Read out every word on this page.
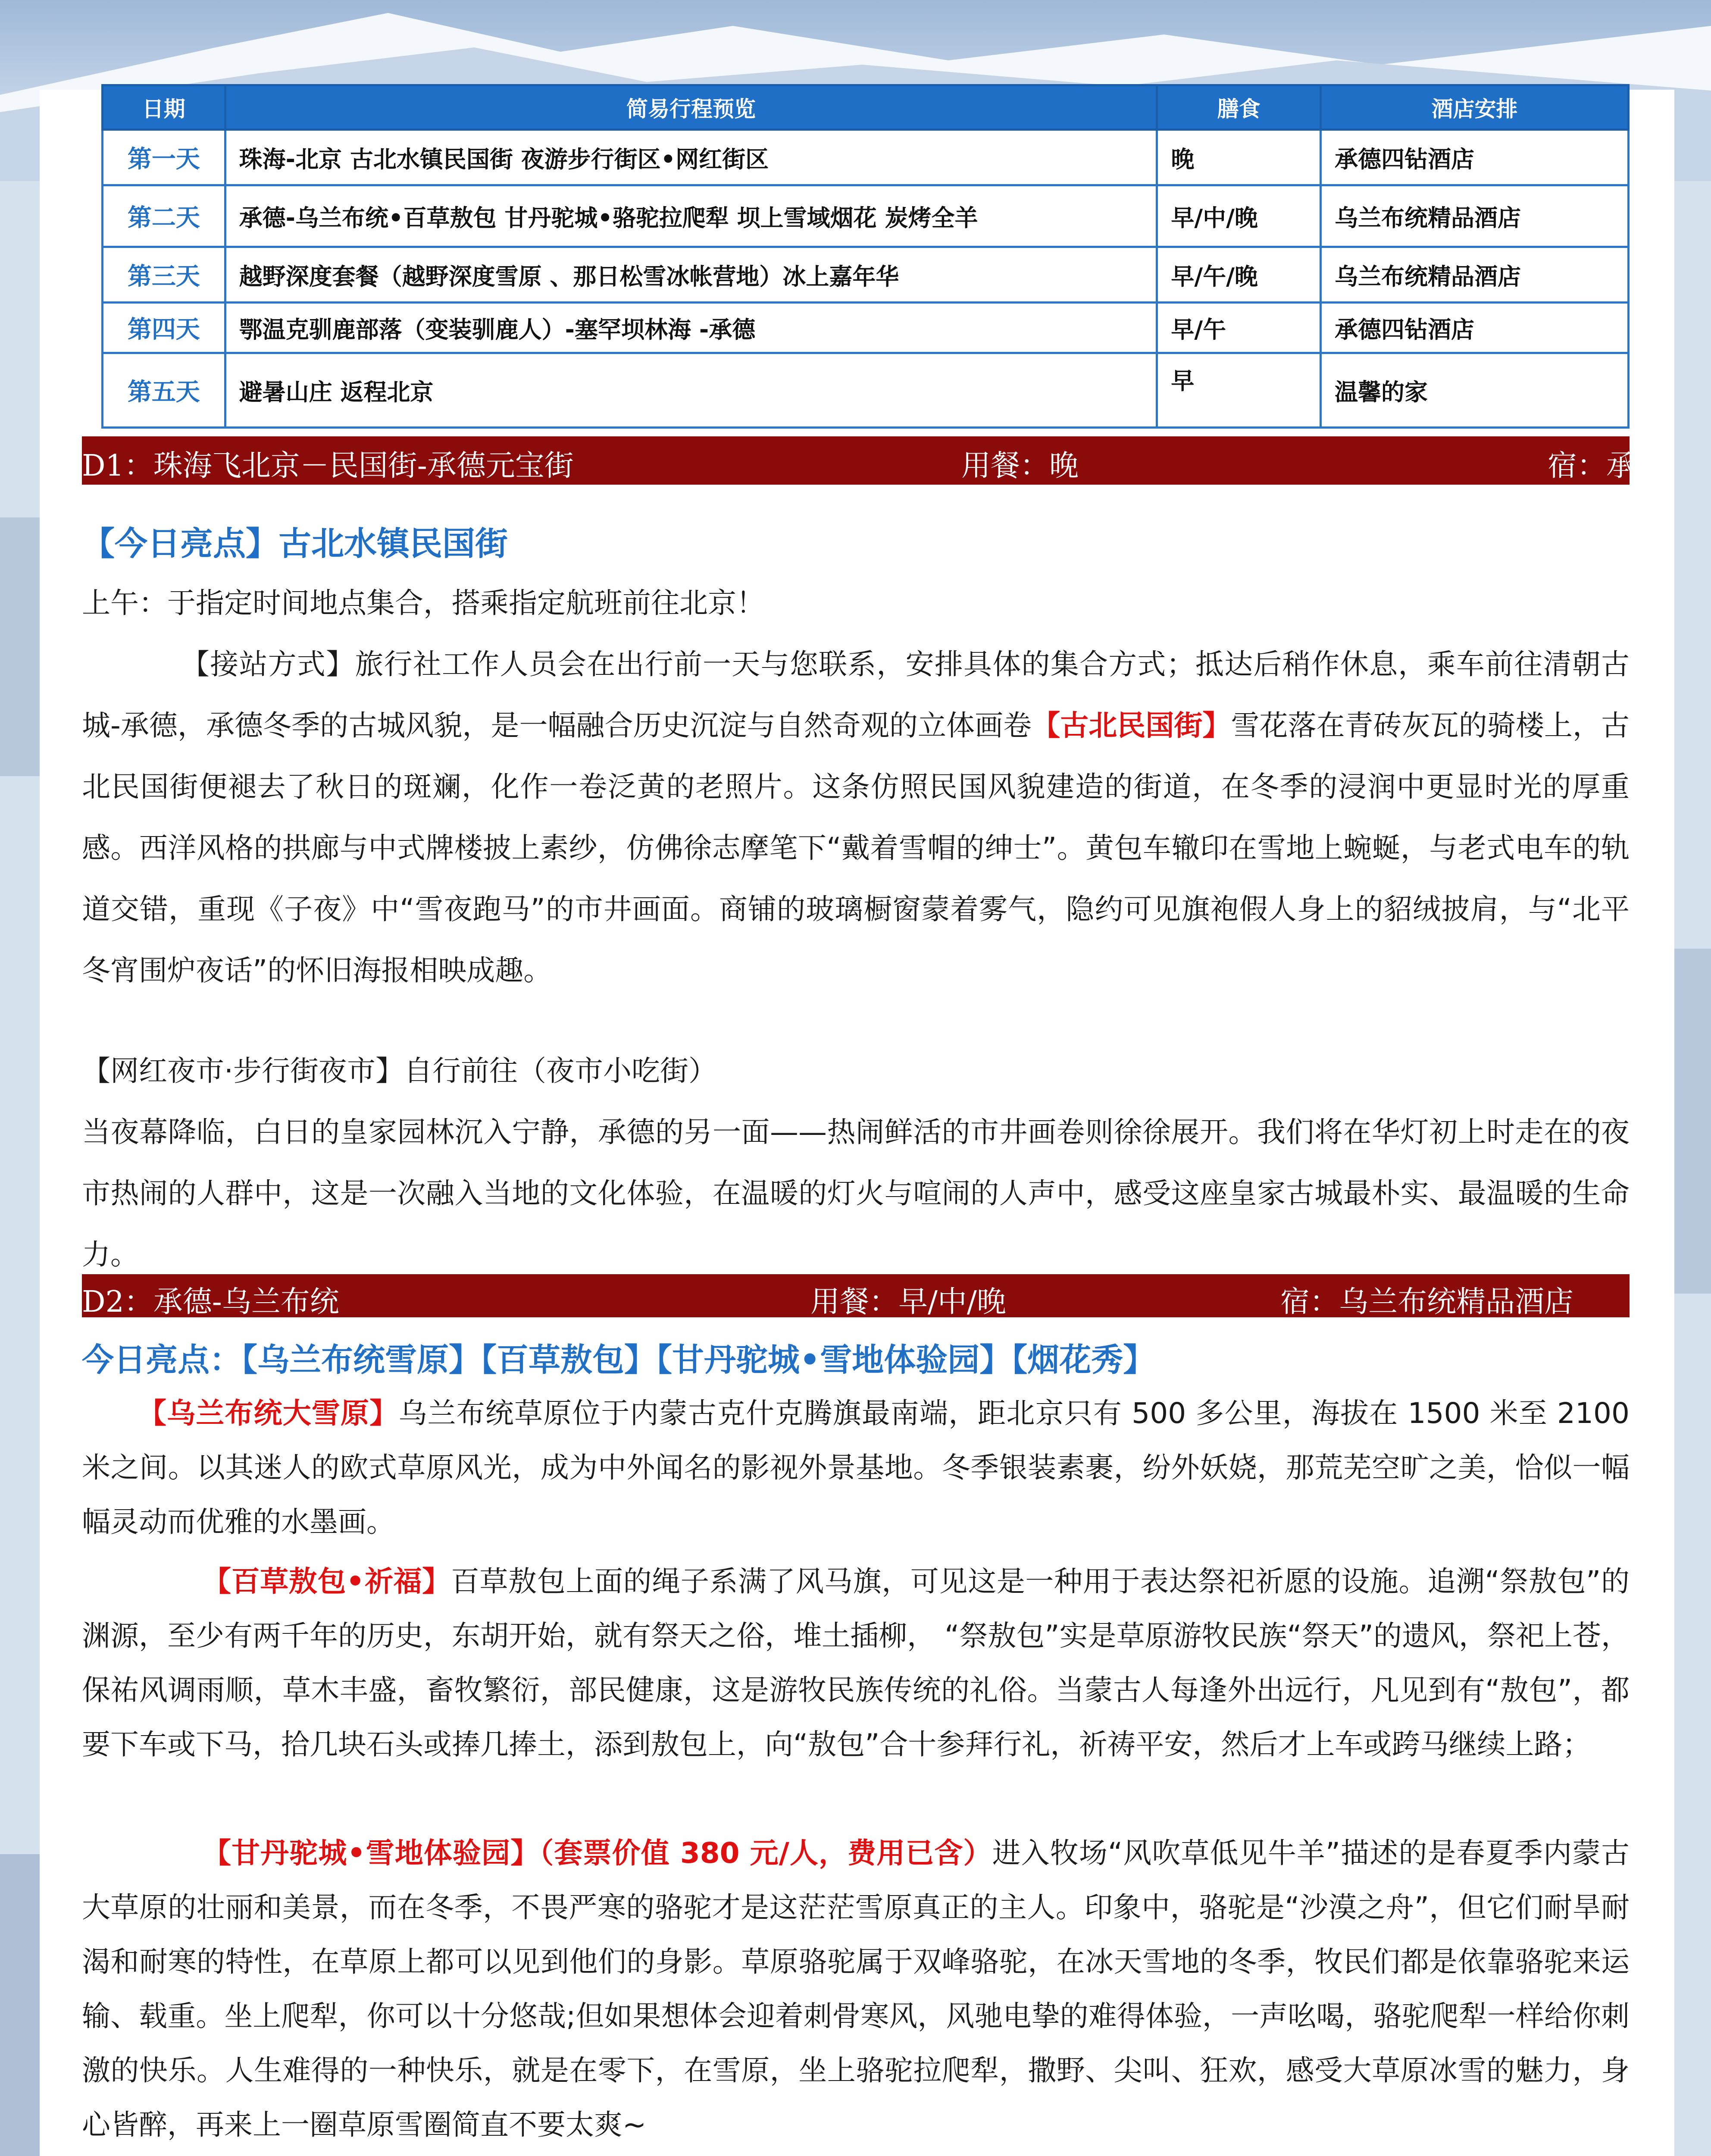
日期	简易行程预览	膳食	酒店安排
第一天	珠海-北京 古北水镇民国街 夜游步行街区•网红街区	晚	承德四钻酒店
第二天	承德-乌兰布统•百草敖包 甘丹驼城•骆驼拉爬犁 坝上雪域烟花 炭烤全羊	早/中/晚	乌兰布统精品酒店
第三天	越野深度套餐（越野深度雪原 、那日松雪冰帐营地）冰上嘉年华	早/午/晚	乌兰布统精品酒店
第四天	鄂温克驯鹿部落（变装驯鹿人）-塞罕坝林海 -承德	早/午	承德四钻酒店
第五天	避暑山庄 返程北京	早	温馨的家
D1：珠海飞北京－民国街-承德元宝街	用餐：晚	宿：承德
【今日亮点】古北水镇民国街
上午：于指定时间地点集合，搭乘指定航班前往北京！
【接站方式】旅行社工作人员会在出行前一天与您联系，安排具体的集合方式；抵达后稍作休息，乘车前往清朝古城-承德，承德冬季的古城风貌，是一幅融合历史沉淀与自然奇观的立体画卷【古北民国街】雪花落在青砖灰瓦的骑楼上，古北民国街便褪去了秋日的斑斓，化作一卷泛黄的老照片。这条仿照民国风貌建造的街道，在冬季的浸润中更显时光的厚重感。西洋风格的拱廊与中式牌楼披上素纱，仿佛徐志摩笔下“戴着雪帽的绅士”。黄包车辙印在雪地上蜿蜒，与老式电车的轨道交错，重现《子夜》中“雪夜跑马”的市井画面。商铺的玻璃橱窗蒙着雾气，隐约可见旗袍假人身上的貂绒披肩，与“北平冬宵围炉夜话”的怀旧海报相映成趣。
【网红夜市·步行街夜市】自行前往（夜市小吃街）
当夜幕降临，白日的皇家园林沉入宁静，承德的另一面——热闹鲜活的市井画卷则徐徐展开。我们将在华灯初上时走在的夜市热闹的人群中，这是一次融入当地的文化体验，在温暖的灯火与喧闹的人声中，感受这座皇家古城最朴实、最温暖的生命力。
D2：承德-乌兰布统	用餐：早/中/晚	宿：乌兰布统精品酒店
今日亮点：【乌兰布统雪原】【百草敖包】【甘丹驼城•雪地体验园】【烟花秀】
【乌兰布统大雪原】乌兰布统草原位于内蒙古克什克腾旗最南端，距北京只有 500 多公里，海拔在 1500 米至 2100 米之间。以其迷人的欧式草原风光，成为中外闻名的影视外景基地。冬季银装素裹，纷外妖娆，那荒芜空旷之美，恰似一幅幅灵动而优雅的水墨画。
【百草敖包•祈福】百草敖包上面的绳子系满了风马旗，可见这是一种用于表达祭祀祈愿的设施。追溯“祭敖包”的渊源，至少有两千年的历史，东胡开始，就有祭天之俗，堆土插柳， “祭敖包”实是草原游牧民族“祭天”的遗风，祭祀上苍，保祐风调雨顺，草木丰盛，畜牧繁衍，部民健康，这是游牧民族传统的礼俗。当蒙古人每逢外出远行，凡见到有“敖包”，都要下车或下马，拾几块石头或捧几捧土，添到敖包上，向“敖包”合十参拜行礼，祈祷平安，然后才上车或跨马继续上路；
【甘丹驼城•雪地体验园】（套票价值 380 元/人，费用已含）进入牧场“风吹草低见牛羊”描述的是春夏季内蒙古大草原的壮丽和美景，而在冬季，不畏严寒的骆驼才是这茫茫雪原真正的主人。印象中，骆驼是“沙漠之舟”，但它们耐旱耐渴和耐寒的特性，在草原上都可以见到他们的身影。草原骆驼属于双峰骆驼，在冰天雪地的冬季，牧民们都是依靠骆驼来运输、载重。坐上爬犁，你可以十分悠哉;但如果想体会迎着刺骨寒风，风驰电挚的难得体验，一声吆喝，骆驼爬犁一样给你刺激的快乐。人生难得的一种快乐，就是在零下，在雪原，坐上骆驼拉爬犁，撒野、尖叫、狂欢，感受大草原冰雪的魅力，身心皆醉，再来上一圈草原雪圈简直不要太爽~
